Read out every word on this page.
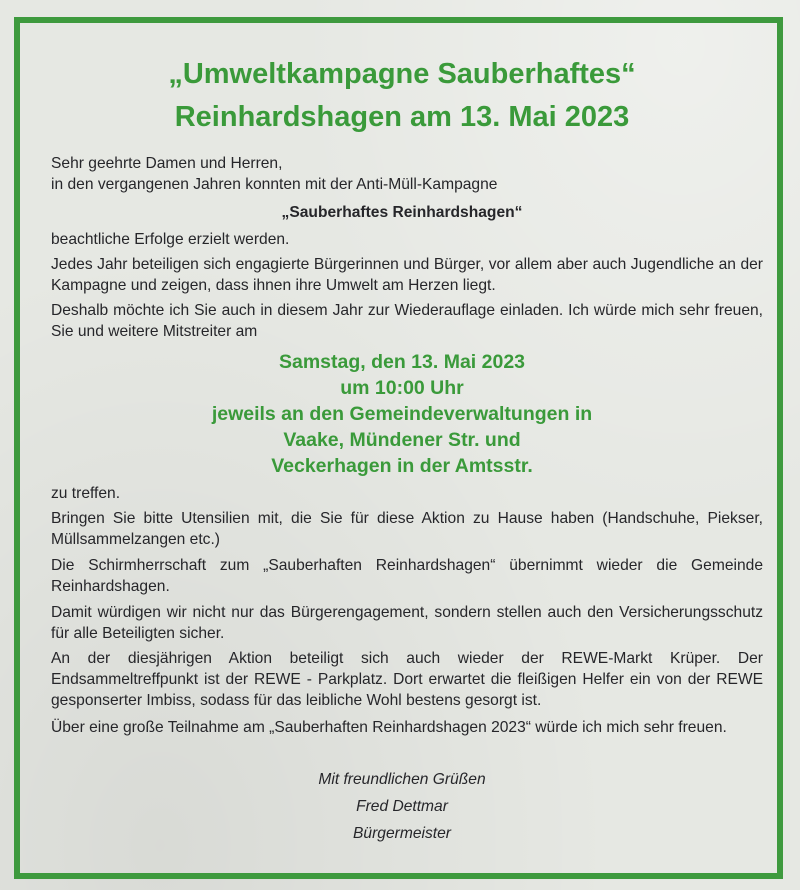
„Umweltkampagne Sauberhaftes“
Reinhardshagen am 13. Mai 2023

Sehr geehrte Damen und Herren,

in den vergangenen Jahren konnten mit der Anti-Müll-Kampagne

„Sauberhaftes Reinhardshagen“

beachtliche Erfolge erzielt werden.

Jedes Jahr beteiligen sich engagierte Bürgerinnen und Bürger, vor allem aber auch Jugendliche an der Kampagne und zeigen, dass ihnen ihre Umwelt am Herzen liegt.

Deshalb möchte ich Sie auch in diesem Jahr zur Wiederauflage einladen. Ich würde mich sehr freuen, Sie und weitere Mitstreiter am

Samstag, den 13. Mai 2023
um 10:00 Uhr
jeweils an den Gemeindeverwaltungen in
Vaake, Mündener Str. und
Veckerhagen in der Amtsstr.

zu treffen.

Bringen Sie bitte Utensilien mit, die Sie für diese Aktion zu Hause haben (Handschuhe, Piekser, Müllsammelzangen etc.)

Die Schirmherrschaft zum „Sauberhaften Reinhardshagen“ übernimmt wieder die Gemeinde Reinhardshagen.

Damit würdigen wir nicht nur das Bürgerengagement, sondern stellen auch den Versicherungsschutz für alle Beteiligten sicher.

An der diesjährigen Aktion beteiligt sich auch wieder der REWE-Markt Krüper. Der Endsammeltreffpunkt ist der REWE - Parkplatz. Dort erwartet die fleißigen Helfer ein von der REWE gesponserter Imbiss, sodass für das leibliche Wohl bestens gesorgt ist.

Über eine große Teilnahme am „Sauberhaften Reinhardshagen 2023“ würde ich mich sehr freuen.

Mit freundlichen Grüßen
Fred Dettmar
Bürgermeister
